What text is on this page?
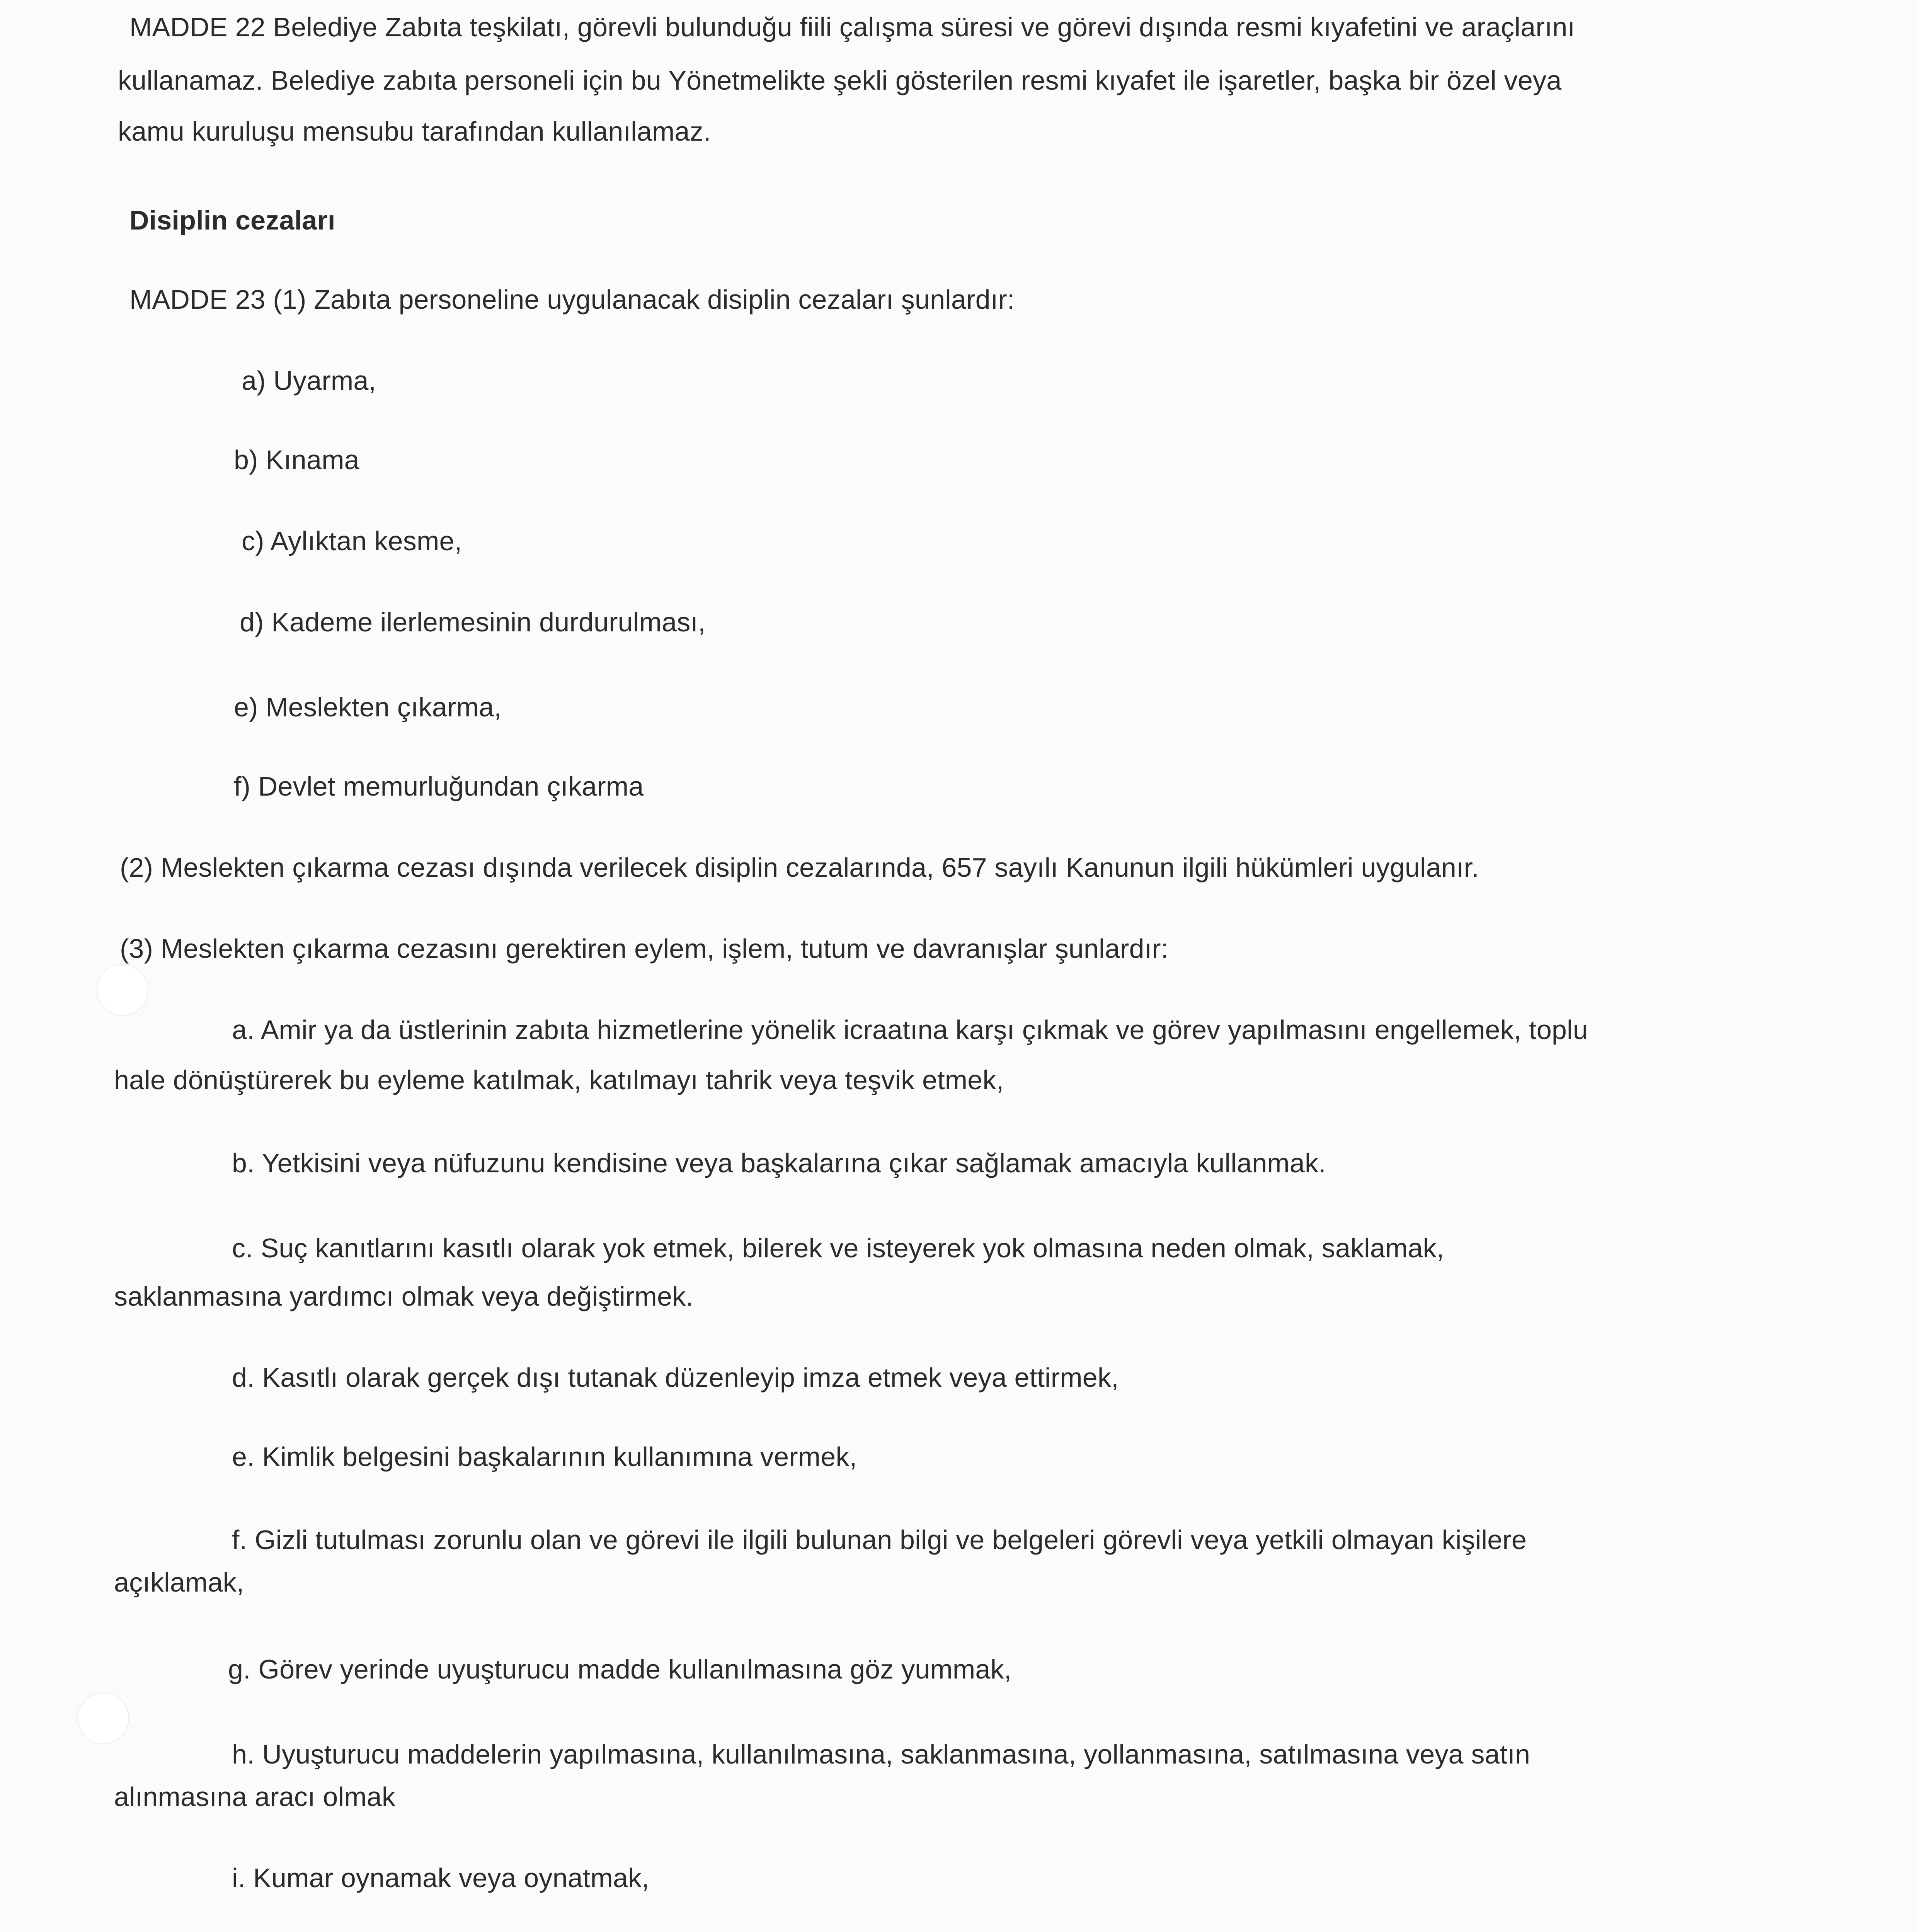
MADDE 22 Belediye Zabıta teşkilatı, görevli bulunduğu fiili çalışma süresi ve görevi dışında resmi kıyafetini ve araçlarını
kullanamaz. Belediye zabıta personeli için bu Yönetmelikte şekli gösterilen resmi kıyafet ile işaretler, başka bir özel veya
kamu kuruluşu mensubu tarafından kullanılamaz.
Disiplin cezaları
MADDE 23 (1) Zabıta personeline uygulanacak disiplin cezaları şunlardır:
a) Uyarma,
b) Kınama
c) Aylıktan kesme,
d) Kademe ilerlemesinin durdurulması,
e) Meslekten çıkarma,
f) Devlet memurluğundan çıkarma
(2) Meslekten çıkarma cezası dışında verilecek disiplin cezalarında, 657 sayılı Kanunun ilgili hükümleri uygulanır.
(3) Meslekten çıkarma cezasını gerektiren eylem, işlem, tutum ve davranışlar şunlardır:
a. Amir ya da üstlerinin zabıta hizmetlerine yönelik icraatına karşı çıkmak ve görev yapılmasını engellemek, toplu
hale dönüştürerek bu eyleme katılmak, katılmayı tahrik veya teşvik etmek,
b. Yetkisini veya nüfuzunu kendisine veya başkalarına çıkar sağlamak amacıyla kullanmak.
c. Suç kanıtlarını kasıtlı olarak yok etmek, bilerek ve isteyerek yok olmasına neden olmak, saklamak,
saklanmasına yardımcı olmak veya değiştirmek.
d. Kasıtlı olarak gerçek dışı tutanak düzenleyip imza etmek veya ettirmek,
e. Kimlik belgesini başkalarının kullanımına vermek,
f. Gizli tutulması zorunlu olan ve görevi ile ilgili bulunan bilgi ve belgeleri görevli veya yetkili olmayan kişilere
açıklamak,
g. Görev yerinde uyuşturucu madde kullanılmasına göz yummak,
h. Uyuşturucu maddelerin yapılmasına, kullanılmasına, saklanmasına, yollanmasına, satılmasına veya satın
alınmasına aracı olmak
i. Kumar oynamak veya oynatmak,
